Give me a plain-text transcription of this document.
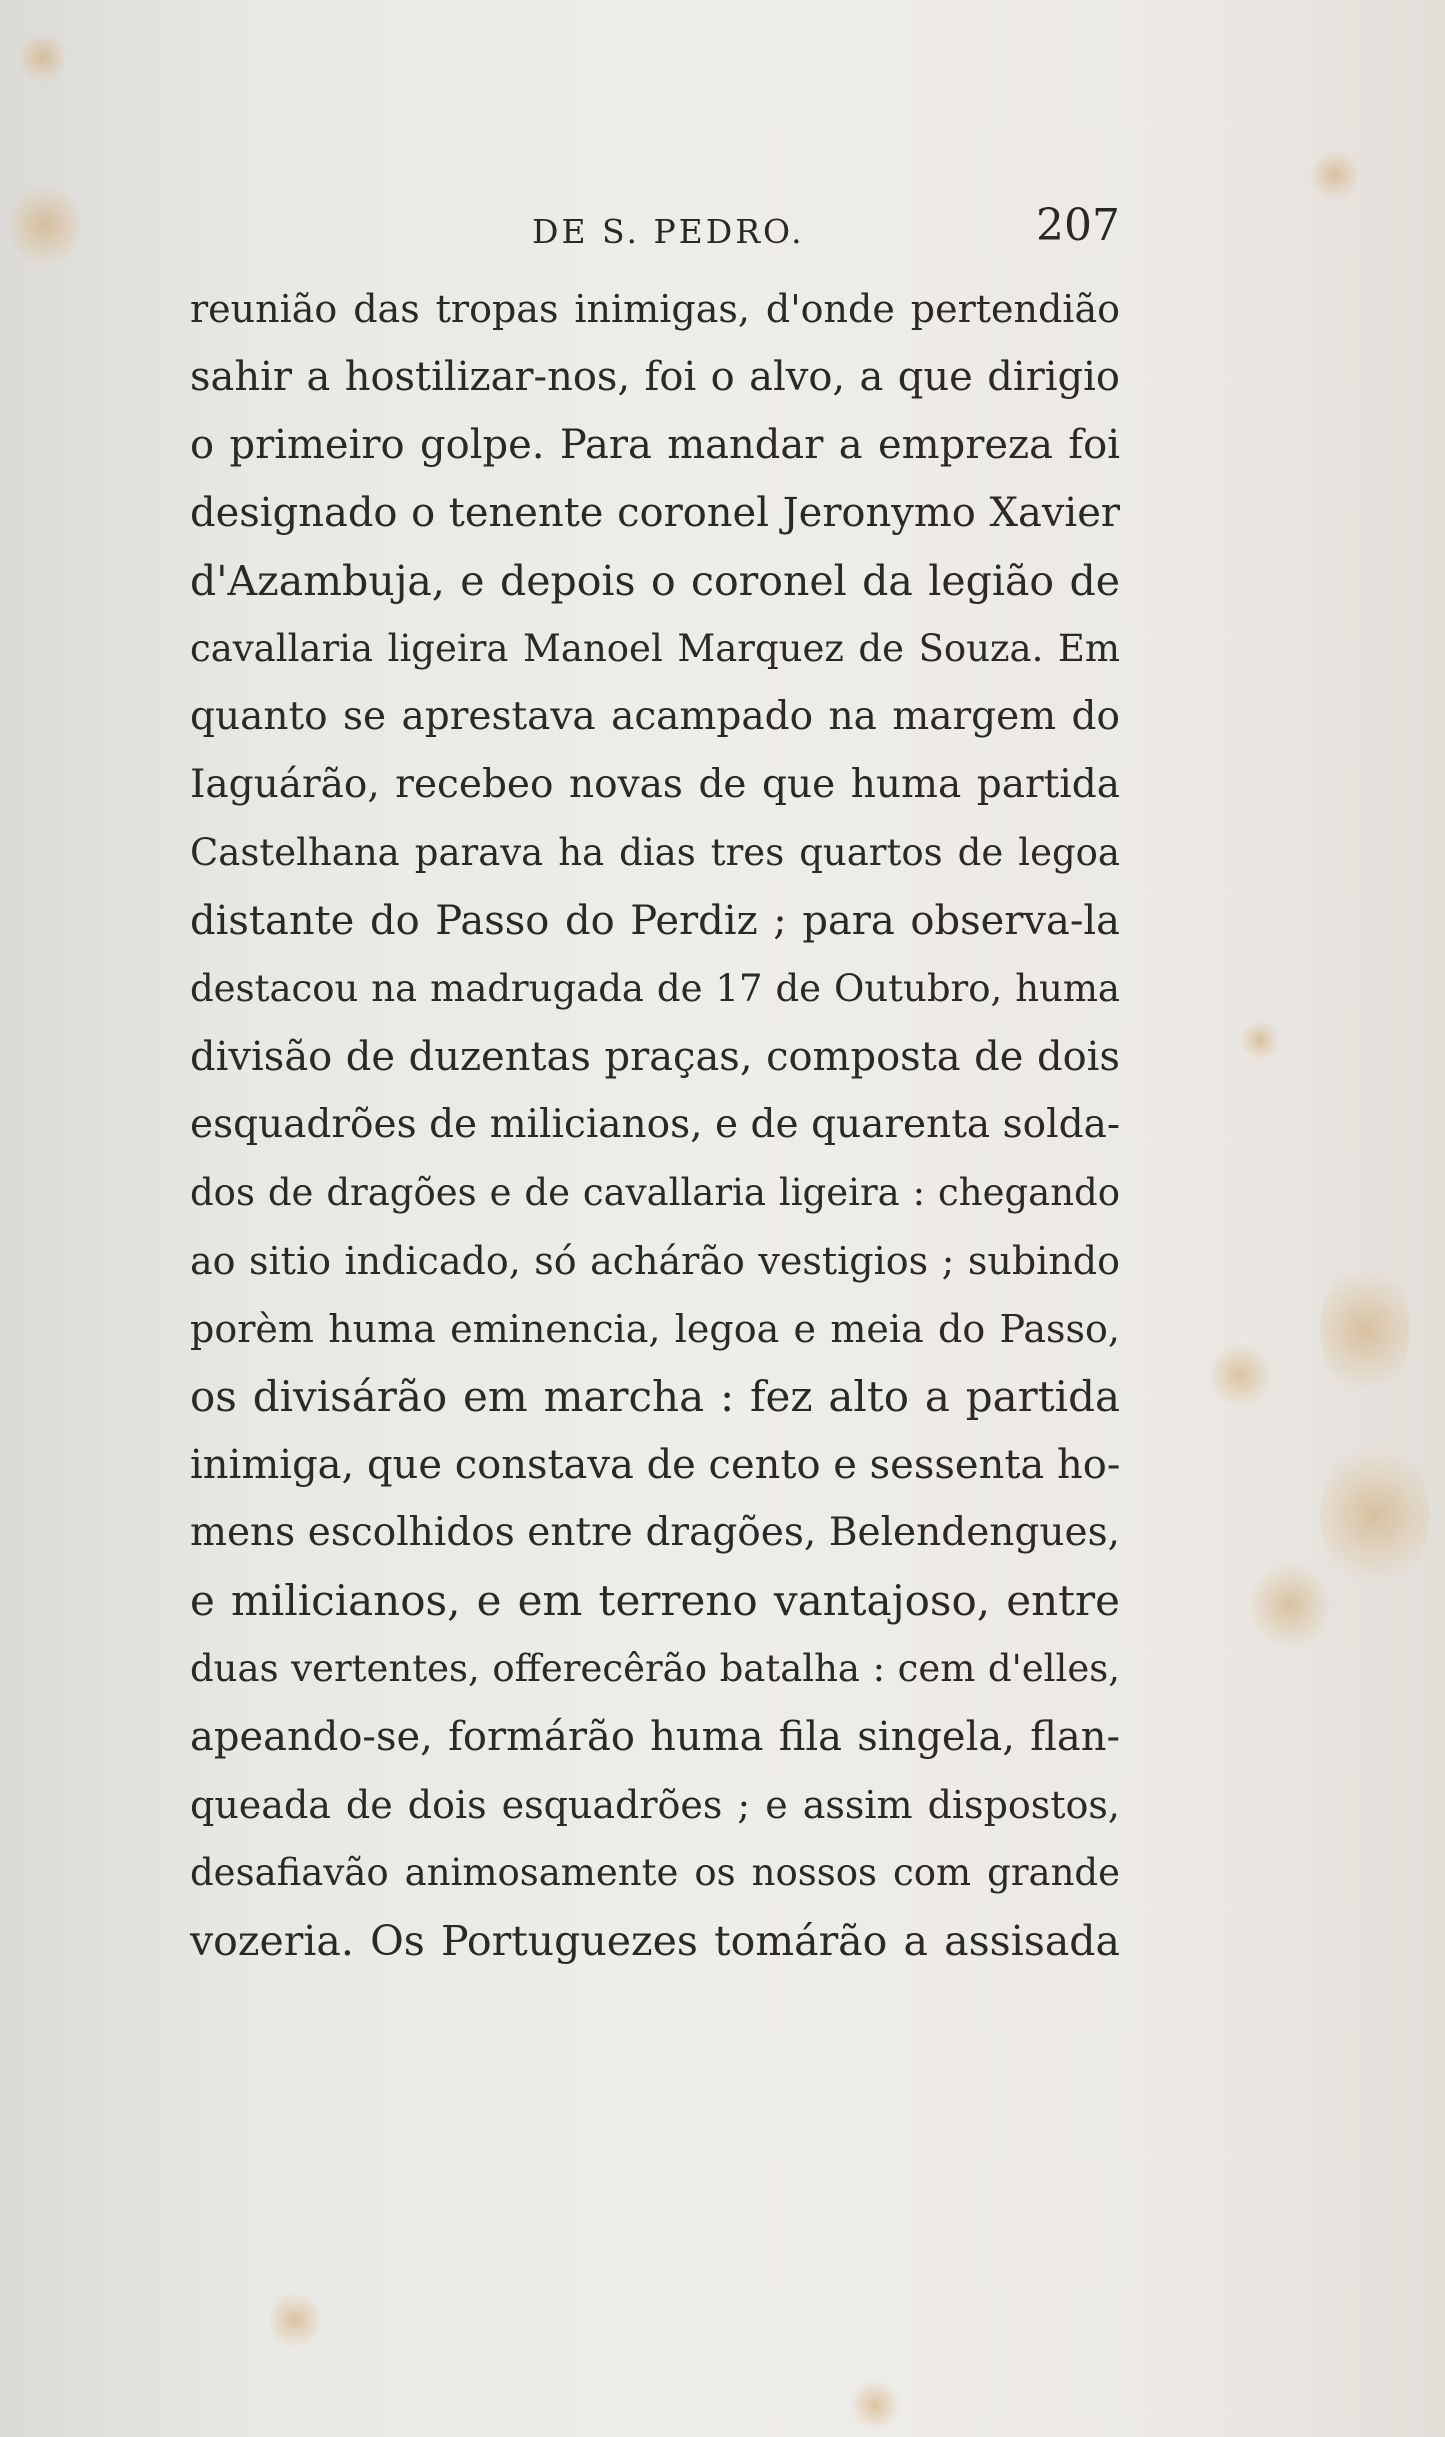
DE S. PEDRO.	207
reunião das tropas inimigas, d'onde pertendião
sahir a hostilizar-nos, foi o alvo, a que dirigio
o primeiro golpe. Para mandar a empreza foi
designado o tenente coronel Jeronymo Xavier
d'Azambuja, e depois o coronel da legião de
cavallaria ligeira Manoel Marquez de Souza. Em
quanto se aprestava acampado na margem do
Iaguárão, recebeo novas de que huma partida
Castelhana parava ha dias tres quartos de legoa
distante do Passo do Perdiz ; para observa-la
destacou na madrugada de 17 de Outubro, huma
divisão de duzentas praças, composta de dois
esquadrões de milicianos, e de quarenta solda-
dos de dragões e de cavallaria ligeira : chegando
ao sitio indicado, só achárão vestigios ; subindo
porèm huma eminencia, legoa e meia do Passo,
os divisárão em marcha : fez alto a partida
inimiga, que constava de cento e sessenta ho-
mens escolhidos entre dragões, Belendengues,
e milicianos, e em terreno vantajoso, entre
duas vertentes, offerecêrão batalha : cem d'elles,
apeando-se, formárão huma fila singela, flan-
queada de dois esquadrões ; e assim dispostos,
desafiavão animosamente os nossos com grande
vozeria. Os Portuguezes tomárão a assisada
